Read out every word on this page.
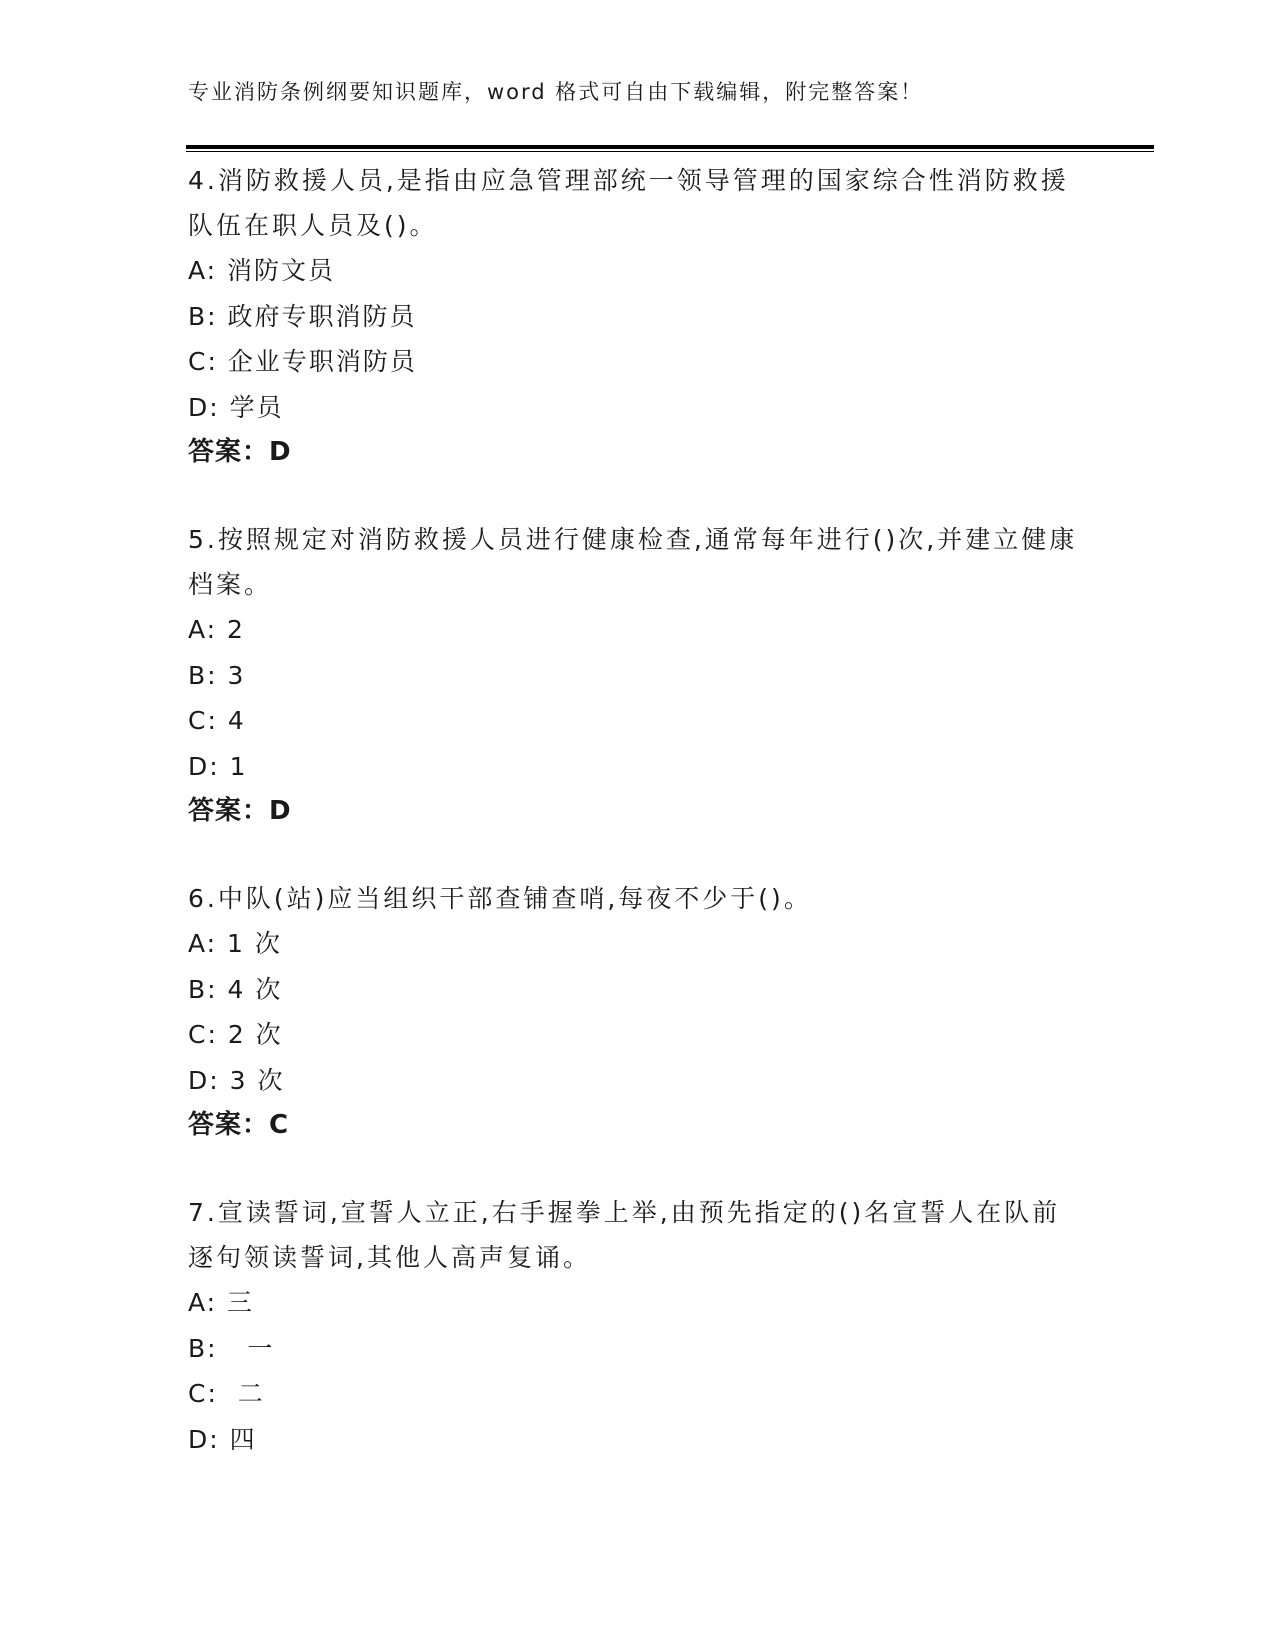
专业消防条例纲要知识题库，word 格式可自由下载编辑，附完整答案！

4.消防救援人员,是指由应急管理部统一领导管理的国家综合性消防救援队伍在职人员及()。

A: 消防文员
B: 政府专职消防员
C: 企业专职消防员
D: 学员
答案：D

5.按照规定对消防救援人员进行健康检查,通常每年进行()次,并建立健康档案。

A: 2
B: 3
C: 4
D: 1
答案：D

6.中队(站)应当组织干部查铺查哨,每夜不少于()。

A: 1 次
B: 4 次
C: 2 次
D: 3 次
答案：C

7.宣读誓词,宣誓人立正,右手握拳上举,由预先指定的()名宣誓人在队前逐句领读誓词,其他人高声复诵。

A: 三
B:   一
C:  二
D: 四
